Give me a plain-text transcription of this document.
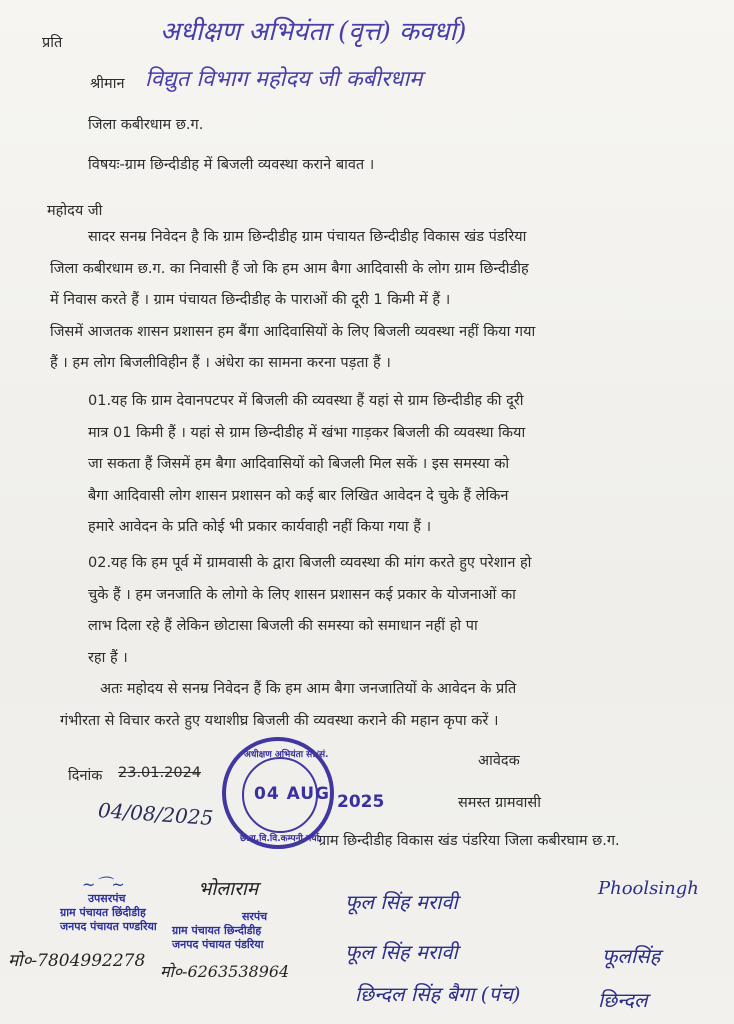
प्रति	अधीक्षण अभियंता (वृत्त) कवर्धा)
श्रीमान विद्युत विभाग महोदय जी कबीरधाम
जिला कबीरधाम छ.ग.
विषयः-ग्राम छिन्दीडीह में बिजली व्यवस्था कराने बावत ।
महोदय जी
सादर सनम्र निवेदन है कि ग्राम छिन्दीडीह ग्राम पंचायत छिन्दीडीह विकास खंड पंडरिया
जिला कबीरधाम छ.ग. का निवासी हैं जो कि हम आम बैगा आदिवासी के लोग ग्राम छिन्दीडीह
में निवास करते हैं । ग्राम पंचायत छिन्दीडीह के पाराओं की दूरी 1 किमी में हैं ।
जिसमें आजतक शासन प्रशासन हम बैंगा आदिवासियों के लिए बिजली व्यवस्था नहीं किया गया
हैं । हम लोग बिजलीविहीन हैं । अंधेरा का सामना करना पड़ता हैं ।
01.यह कि ग्राम देवानपटपर में बिजली की व्यवस्था हैं यहां से ग्राम छिन्दीडीह की दूरी
मात्र 01 किमी हैं । यहां से ग्राम छिन्दीडीह में खंभा गाड़कर बिजली की व्यवस्था किया
जा सकता हैं जिसमें हम बैगा आदिवासियों को बिजली मिल सकें । इस समस्या को
बैगा आदिवासी लोग शासन प्रशासन को कई बार लिखित आवेदन दे चुके हैं लेकिन
हमारे आवेदन के प्रति कोई भी प्रकार कार्यवाही नहीं किया गया हैं ।
02.यह कि हम पूर्व में ग्रामवासी के द्वारा बिजली व्यवस्था की मांग करते हुए परेशान हो
चुके हैं । हम जनजाति के लोगो के लिए शासन प्रशासन कई प्रकार के योजनाओं का
लाभ दिला रहे हैं लेकिन छोटासा बिजली की समस्या को समाधान नहीं हो पा
रहा हैं ।
अतः महोदय से सनम्र निवेदन हैं कि हम आम बैगा जनजातियों के आवेदन के प्रति
गंभीरता से विचार करते हुए यथाशीघ्र बिजली की व्यवस्था कराने की महान कृपा करें ।
आवेदक
दिनांक 23.01.2024
04/08/2025	समस्त ग्रामवासी
ग्राम छिन्दीडीह विकास खंड पंडरिया जिला कबीरघाम छ.ग.
अधीक्षण अभियंता सं./सं.
04 AUG
छ.रा.वि.वि.कम्पनी मर्या.
2025
~⌒~
उपसरपंच
ग्राम पंचायत छिंदीडीह
जनपद पंचायत पण्डरिया
मो०-7804992278
भोलाराम
सरपंच
ग्राम पंचायत छिन्दीडीह
जनपद पंचायत पंडरिया
मो०-6263538964
फूल सिंह मरावी
फूल सिंह मरावी
छिन्दल सिंह बैगा (पंच)
Phoolsingh
फूलसिंह
छिन्दल
